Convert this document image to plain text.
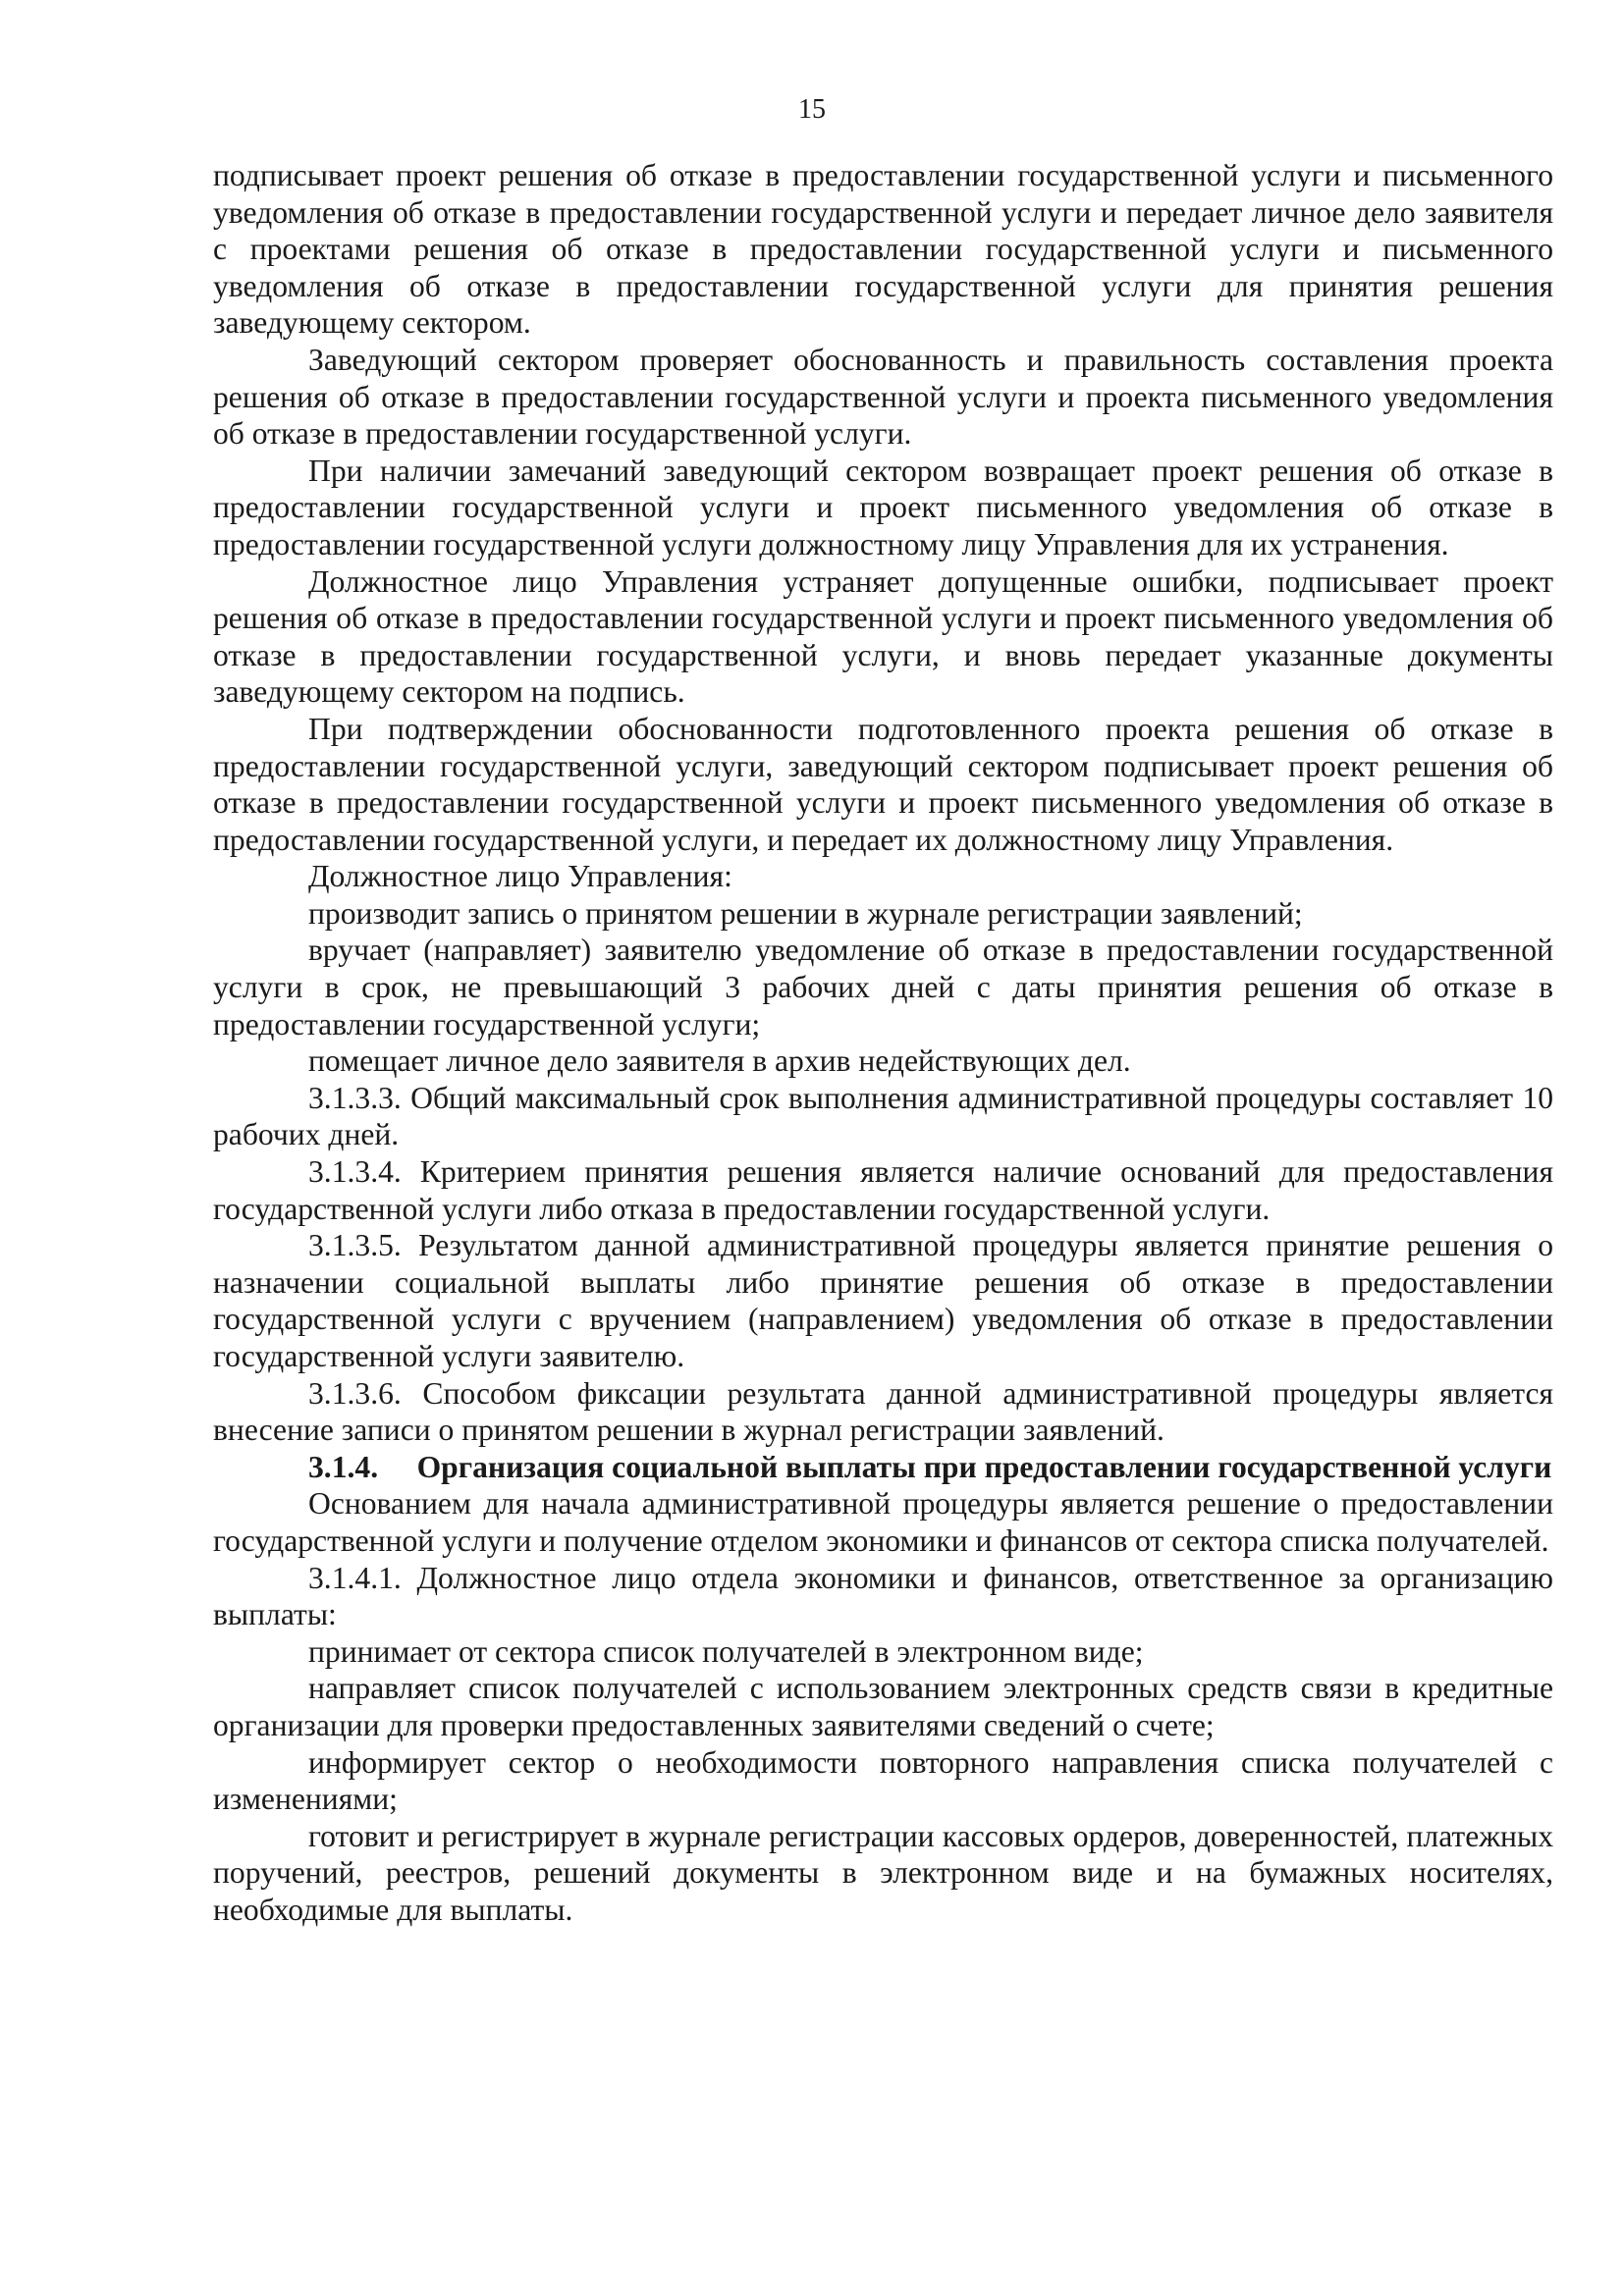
15

подписывает проект решения об отказе в предоставлении государственной услуги и письменного уведомления об отказе в предоставлении государственной услуги и передает личное дело заявителя с проектами решения об отказе в предоставлении государственной услуги и письменного уведомления об отказе в предоставлении государственной услуги для принятия решения заведующему сектором.

Заведующий сектором проверяет обоснованность и правильность составления проекта решения об отказе в предоставлении государственной услуги и проекта письменного уведомления об отказе в предоставлении государственной услуги.

При наличии замечаний заведующий сектором возвращает проект решения об отказе в предоставлении государственной услуги и проект письменного уведомления об отказе в предоставлении государственной услуги должностному лицу Управления для их устранения.

Должностное лицо Управления устраняет допущенные ошибки, подписывает проект решения об отказе в предоставлении государственной услуги и проект письменного уведомления об отказе в предоставлении государственной услуги, и вновь передает указанные документы заведующему сектором на подпись.

При подтверждении обоснованности подготовленного проекта решения об отказе в предоставлении государственной услуги, заведующий сектором подписывает проект решения об отказе в предоставлении государственной услуги и проект письменного уведомления об отказе в предоставлении государственной услуги, и передает их должностному лицу Управления.

Должностное лицо Управления:

производит запись о принятом решении в журнале регистрации заявлений;

вручает (направляет) заявителю уведомление об отказе в предоставлении государственной услуги в срок, не превышающий 3 рабочих дней с даты принятия решения об отказе в предоставлении государственной услуги;

помещает личное дело заявителя в архив недействующих дел.

3.1.3.3. Общий максимальный срок выполнения административной процедуры составляет 10 рабочих дней.

3.1.3.4. Критерием принятия решения является наличие оснований для предоставления государственной услуги либо отказа в предоставлении государственной услуги.

3.1.3.5. Результатом данной административной процедуры является принятие решения о назначении социальной выплаты либо принятие решения об отказе в предоставлении государственной услуги с вручением (направлением) уведомления об отказе в предоставлении государственной услуги заявителю.

3.1.3.6. Способом фиксации результата данной административной процедуры является внесение записи о принятом решении в журнал регистрации заявлений.

3.1.4.  Организация социальной выплаты при предоставлении государственной услуги

Основанием для начала административной процедуры является решение о предоставлении государственной услуги и получение отделом экономики и финансов от сектора списка получателей.

3.1.4.1. Должностное лицо отдела экономики и финансов, ответственное за организацию выплаты:

принимает от сектора список получателей в электронном виде;

направляет список получателей с использованием электронных средств связи в кредитные организации для проверки предоставленных заявителями сведений о счете;

информирует сектор о необходимости повторного направления списка получателей с изменениями;

готовит и регистрирует в журнале регистрации кассовых ордеров, доверенностей, платежных поручений, реестров, решений документы в электронном виде и на бумажных носителях, необходимые для выплаты.
